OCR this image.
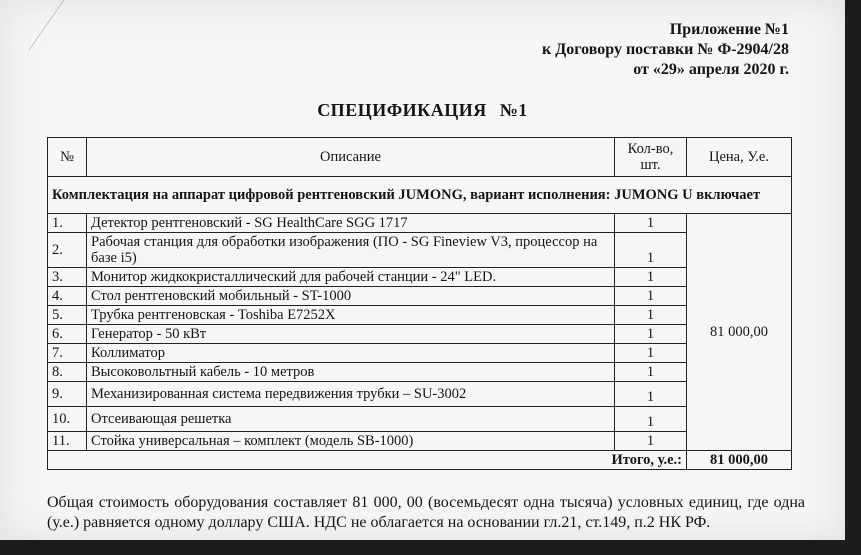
Приложение №1
к Договору поставки № Ф-2904/28
от «29» апреля 2020 г.
СПЕЦИФИКАЦИЯ №1
№	Описание	Кол-во, шт.	Цена, У.е.
Комплектация на аппарат цифровой рентгеновский JUMONG, вариант исполнения: JUMONG U включает			
1.	Детектор рентгеновский - SG HealthCare SGG 1717	1	81 000,00
2.	Рабочая станция для обработки изображения (ПО - SG Fineview V3, процессор на базе i5)	1	
3.	Монитор жидкокристаллический для рабочей станции - 24" LED.	1	
4.	Стол рентгеновский мобильный - ST-1000	1	
5.	Трубка рентгеновская - Toshiba E7252X	1	
6.	Генератор - 50 кВт	1	
7.	Коллиматор	1	
8.	Высоковольтный кабель - 10 метров	1	
9.	Механизированная система передвижения трубки – SU-3002	1	
10.	Отсеивающая решетка	1	
11.	Стойка универсальная – комплект (модель SB-1000)	1	
Итого, у.е.:			81 000,00
Общая стоимость оборудования составляет 81 000, 00 (восемьдесят одна тысяча) условных единиц, где одна (у.е.) равняется одному доллару США. НДС не облагается на основании гл.21, ст.149, п.2 НК РФ.
